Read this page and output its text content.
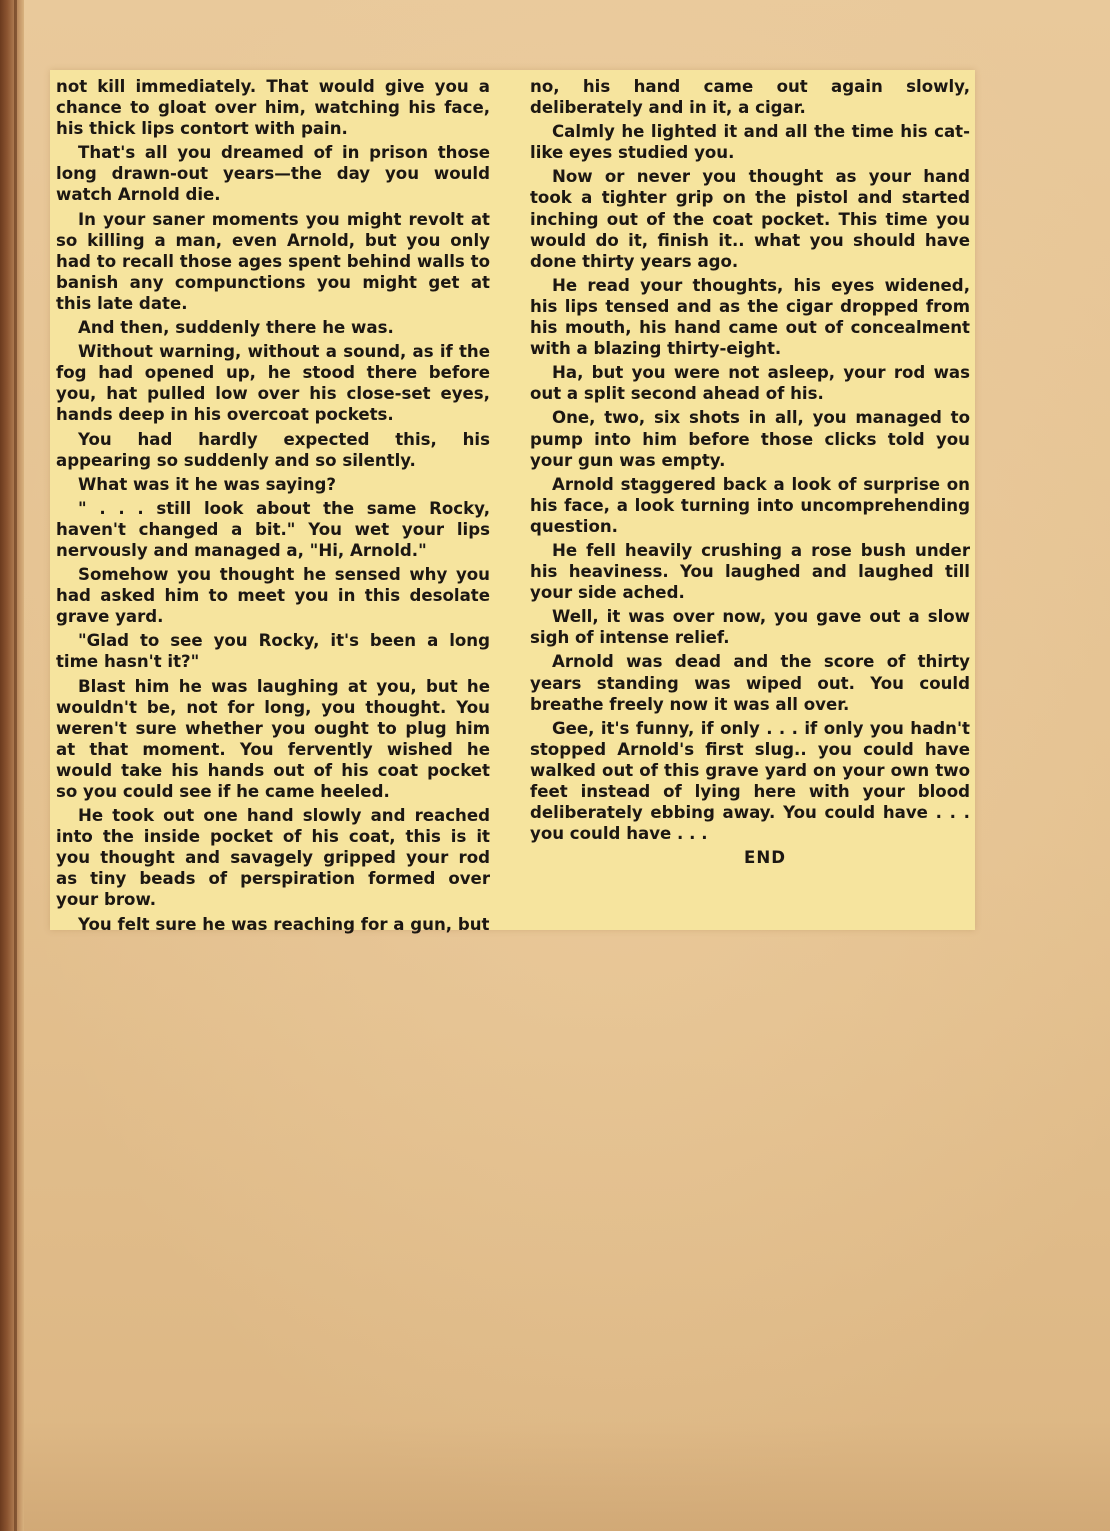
not kill immediately. That would give you a chance to gloat over him, watching his face, his thick lips contort with pain.

That's all you dreamed of in prison those long drawn-out years—the day you would watch Arnold die.

In your saner moments you might revolt at so killing a man, even Arnold, but you only had to recall those ages spent behind walls to banish any compunctions you might get at this late date.

And then, suddenly there he was.

Without warning, without a sound, as if the fog had opened up, he stood there before you, hat pulled low over his close-set eyes, hands deep in his overcoat pockets.

You had hardly expected this, his appearing so suddenly and so silently.

What was it he was saying?

" . . . still look about the same Rocky, haven't changed a bit." You wet your lips nervously and managed a, "Hi, Arnold."

Somehow you thought he sensed why you had asked him to meet you in this desolate grave yard.

"Glad to see you Rocky, it's been a long time hasn't it?"

Blast him he was laughing at you, but he wouldn't be, not for long, you thought. You weren't sure whether you ought to plug him at that moment. You fervently wished he would take his hands out of his coat pocket so you could see if he came heeled.

He took out one hand slowly and reached into the inside pocket of his coat, this is it you thought and savagely gripped your rod as tiny beads of perspiration formed over your brow.

You felt sure he was reaching for a gun, but

no, his hand came out again slowly, deliberately and in it, a cigar.

Calmly he lighted it and all the time his cat-like eyes studied you.

Now or never you thought as your hand took a tighter grip on the pistol and started inching out of the coat pocket. This time you would do it, finish it.. what you should have done thirty years ago.

He read your thoughts, his eyes widened, his lips tensed and as the cigar dropped from his mouth, his hand came out of concealment with a blazing thirty-eight.

Ha, but you were not asleep, your rod was out a split second ahead of his.

One, two, six shots in all, you managed to pump into him before those clicks told you your gun was empty.

Arnold staggered back a look of surprise on his face, a look turning into uncomprehending question.

He fell heavily crushing a rose bush under his heaviness. You laughed and laughed till your side ached.

Well, it was over now, you gave out a slow sigh of intense relief.

Arnold was dead and the score of thirty years standing was wiped out. You could breathe freely now it was all over.

Gee, it's funny, if only . . . if only you hadn't stopped Arnold's first slug.. you could have walked out of this grave yard on your own two feet instead of lying here with your blood deliberately ebbing away. You could have . . . you could have . . .

END
